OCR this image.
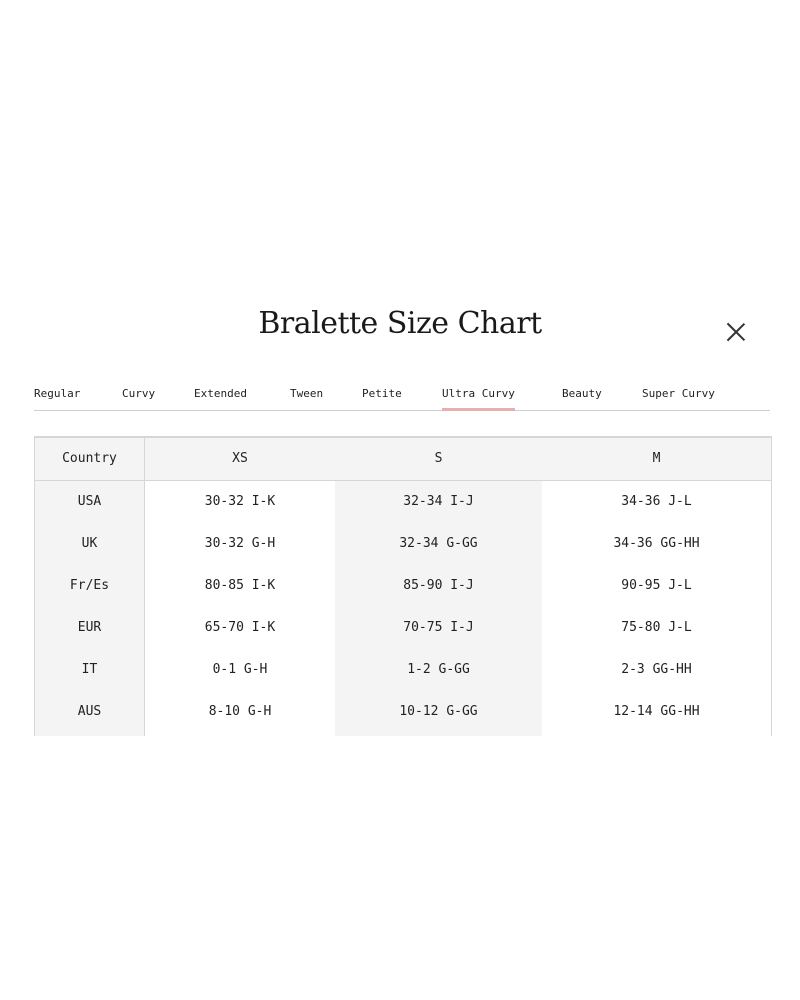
Bralette Size Chart
Regular	Curvy	Extended	Tween	Petite	Ultra Curvy	Beauty	Super Curvy
Country	XS	S	M
USA	30-32 I-K	32-34 I-J	34-36 J-L
UK	30-32 G-H	32-34 G-GG	34-36 GG-HH
Fr/Es	80-85 I-K	85-90 I-J	90-95 J-L
EUR	65-70 I-K	70-75 I-J	75-80 J-L
IT	0-1 G-H	1-2 G-GG	2-3 GG-HH
AUS	8-10 G-H	10-12 G-GG	12-14 GG-HH
